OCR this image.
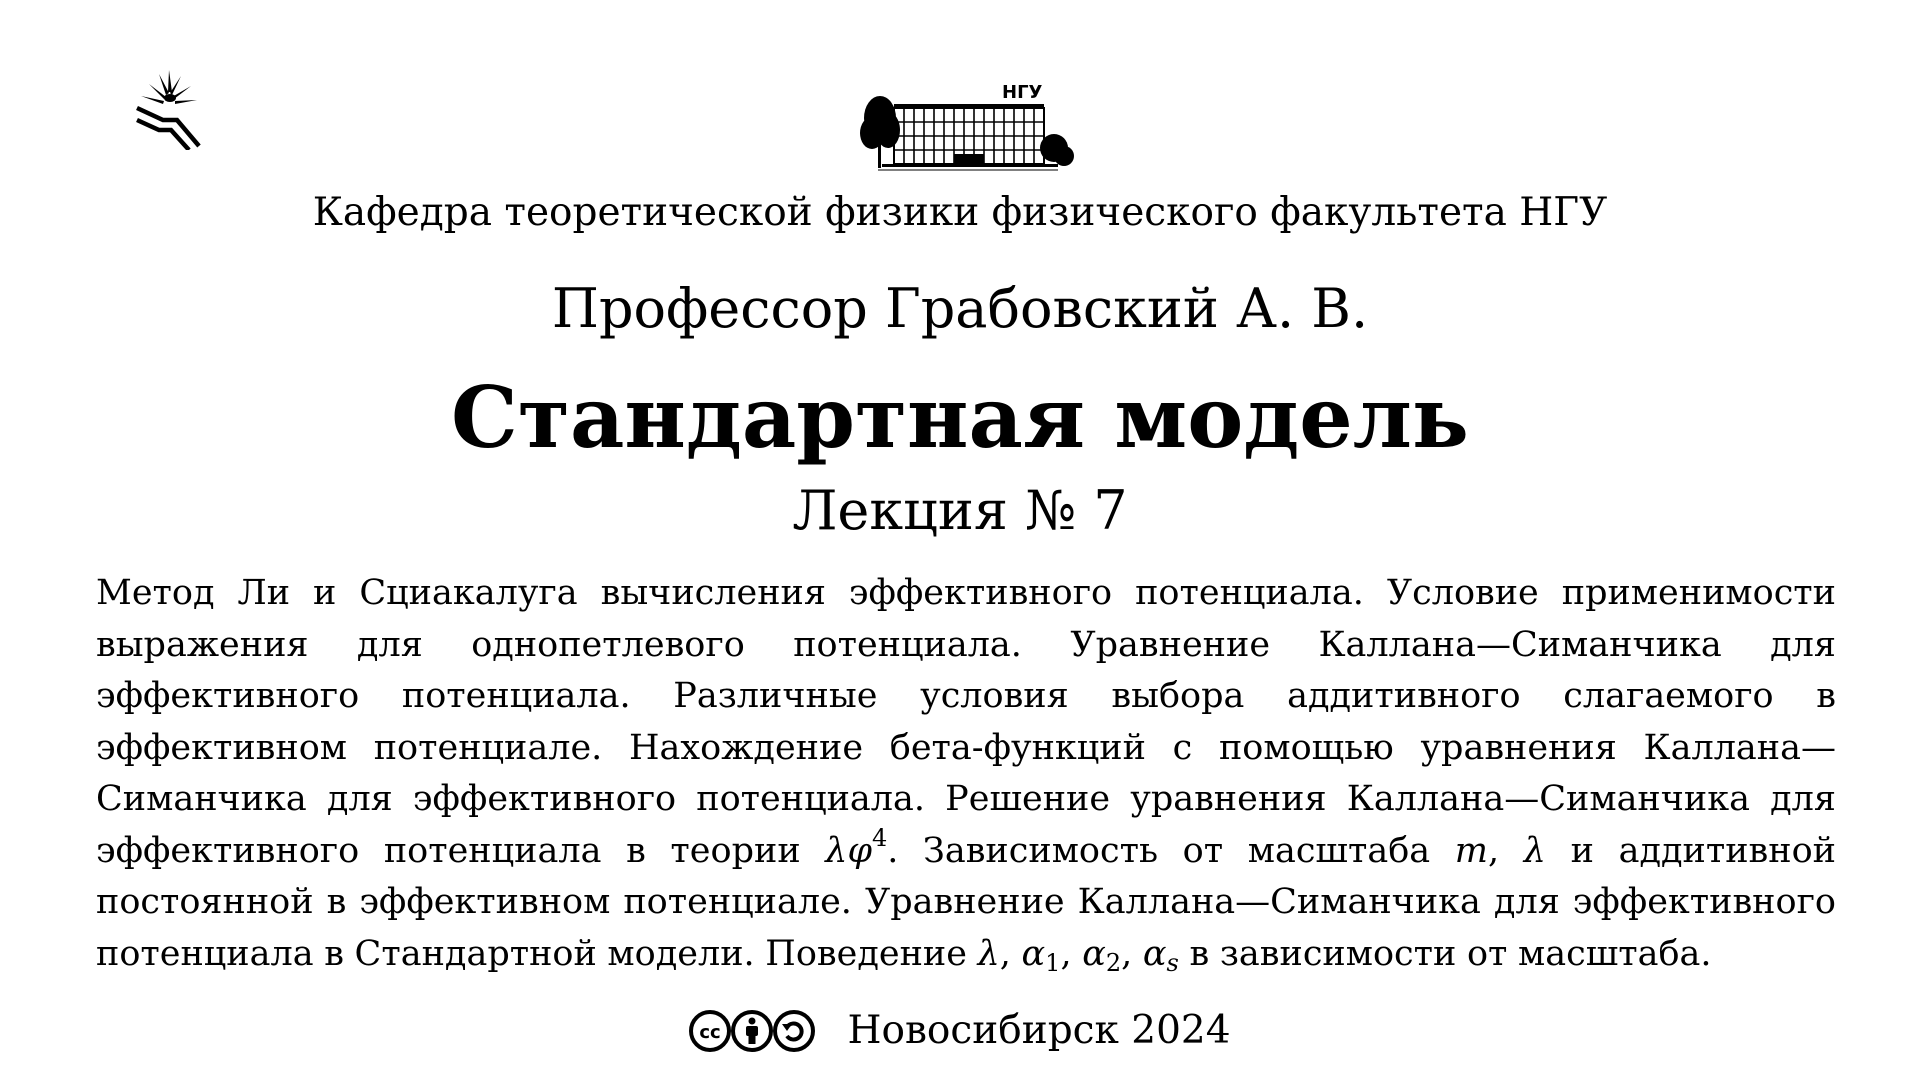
НГУ
Кафедра теоретической физики физического факультета НГУ
Профессор Грабовский А. В.
Стандартная модель
Лекция № 7
Метод Ли и Сциакалуга вычисления эффективного потенциала. Условие применимости выражения для однопетлевого потенциала. Уравнение Каллана—Симанчика для эффективного потенциала. Различные условия выбора аддитивного слагаемого в эффективном потенциале. Нахождение бета-функций с помощью уравнения Каллана—Симанчика для эффективного потенциала. Решение уравнения Каллана—Симанчика для эффективного потенциала в теории $\lambda\varphi^4$. Зависимость от масштаба m, λ и аддитивной постоянной в эффективном потенциале. Уравнение Каллана—Симанчика для эффективного потенциала в Стандартной модели. Поведение λ, $\alpha_1$, $\alpha_2$, $\alpha_s$ в зависимости от масштаба.
cc	Новосибирск 2024
